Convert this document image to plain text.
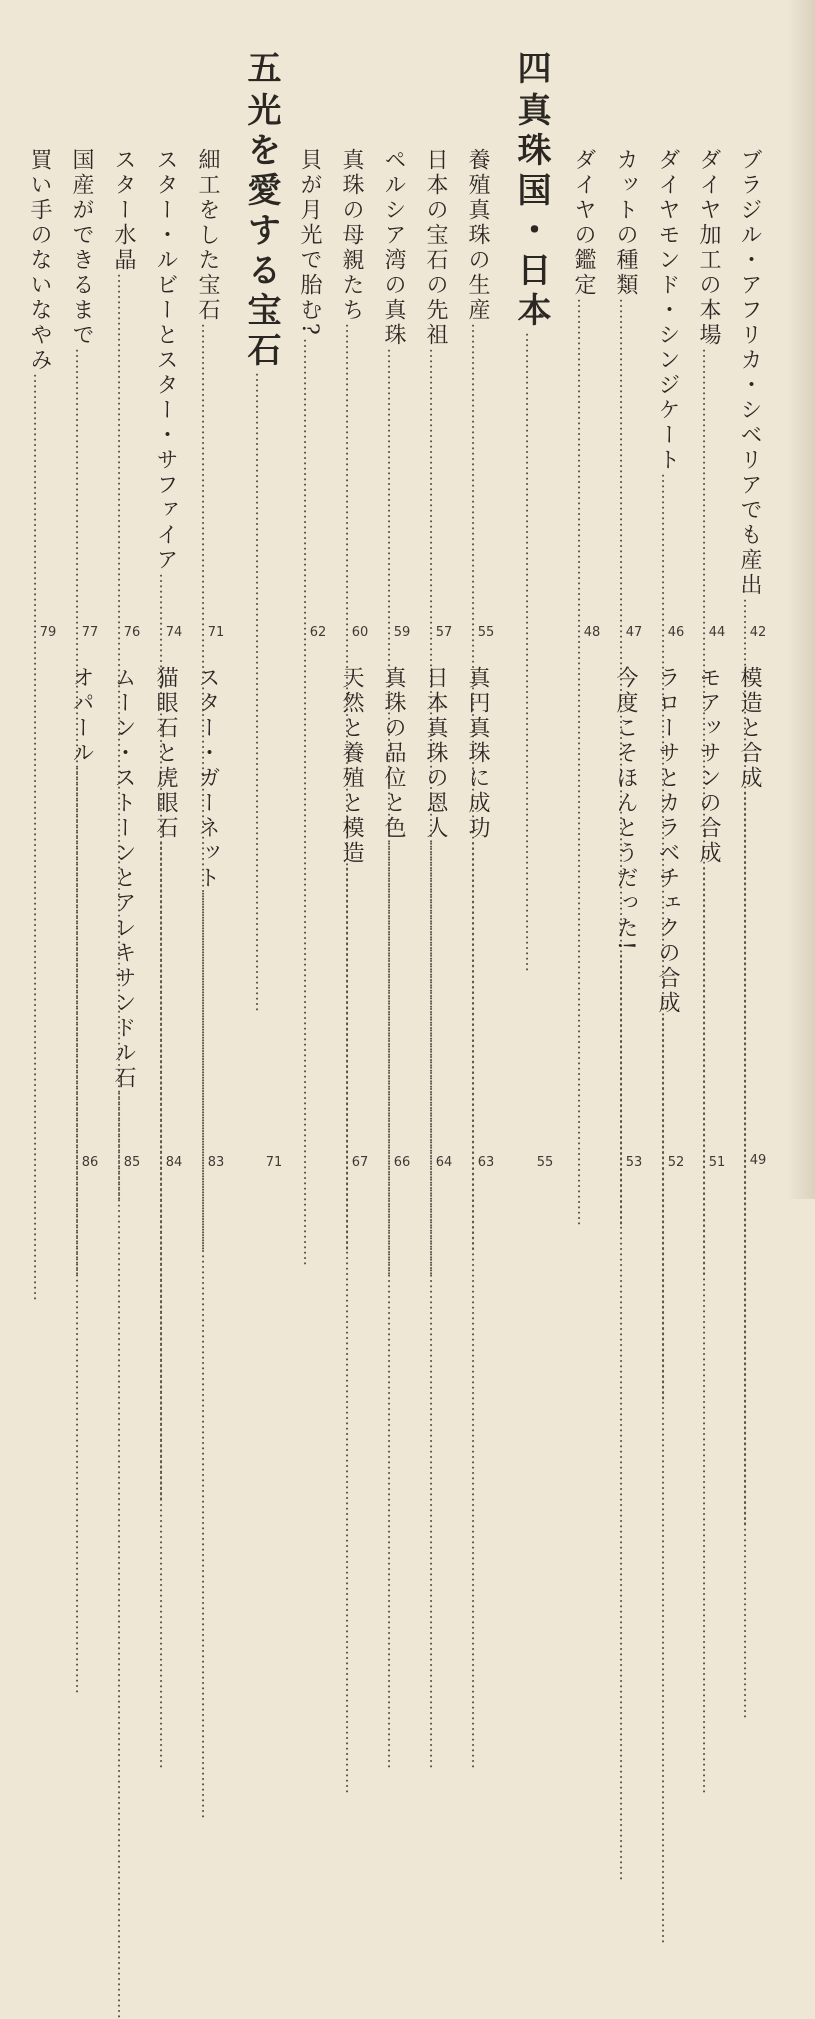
四
真珠国・日本 …………………………………………………………………………………………………………
五
光を愛する宝石 …………………………………………………………………………………………………………
55
71
ブラジル・アフリカ・シベリアでも産出 …………………………………………………………………………………………………………………………………………………………
42
ダイヤ加工の本場 …………………………………………………………………………………………………………………………………………………………
44
ダイヤモンド・シンジケート …………………………………………………………………………………………………………………………………………………………
46
カットの種類 …………………………………………………………………………………………………………………………………………………………
47
ダイヤの鑑定 …………………………………………………………………………………………………………………………………………………………
48
養殖真珠の生産 …………………………………………………………………………………………………………………………………………………………
55
日本の宝石の先祖 …………………………………………………………………………………………………………………………………………………………
57
ペルシア湾の真珠 …………………………………………………………………………………………………………………………………………………………
59
真珠の母親たち …………………………………………………………………………………………………………………………………………………………
60
貝が月光で胎む? …………………………………………………………………………………………………………………………………………………………
62
細工をした宝石 …………………………………………………………………………………………………………………………………………………………
71
スター・ルビーとスター・サファイア …………………………………………………………………………………………………………………………………………………………
74
スター水晶 …………………………………………………………………………………………………………………………………………………………
76
国産ができるまで …………………………………………………………………………………………………………………………………………………………
77
買い手のないなやみ …………………………………………………………………………………………………………………………………………………………
79
模造と合成 …………………………………………………………………………………………………………………………………………………………
49
モアッサンの合成 …………………………………………………………………………………………………………………………………………………………
51
ラローサとカラベチェクの合成 …………………………………………………………………………………………………………………………………………………………
52
今度こそほんとうだった! …………………………………………………………………………………………………………………………………………………………
53
真円真珠に成功 …………………………………………………………………………………………………………………………………………………………
63
日本真珠の恩人 …………………………………………………………………………………………………………………………………………………………
64
真珠の品位と色 …………………………………………………………………………………………………………………………………………………………
66
天然と養殖と模造 …………………………………………………………………………………………………………………………………………………………
67
スター・ガーネット …………………………………………………………………………………………………………………………………………………………
83
猫眼石と虎眼石 …………………………………………………………………………………………………………………………………………………………
84
ムーン・ストーンとアレキサンドル石 …………………………………………………………………………………………………………………………………………………………
85
オパール …………………………………………………………………………………………………………………………………………………………
86
